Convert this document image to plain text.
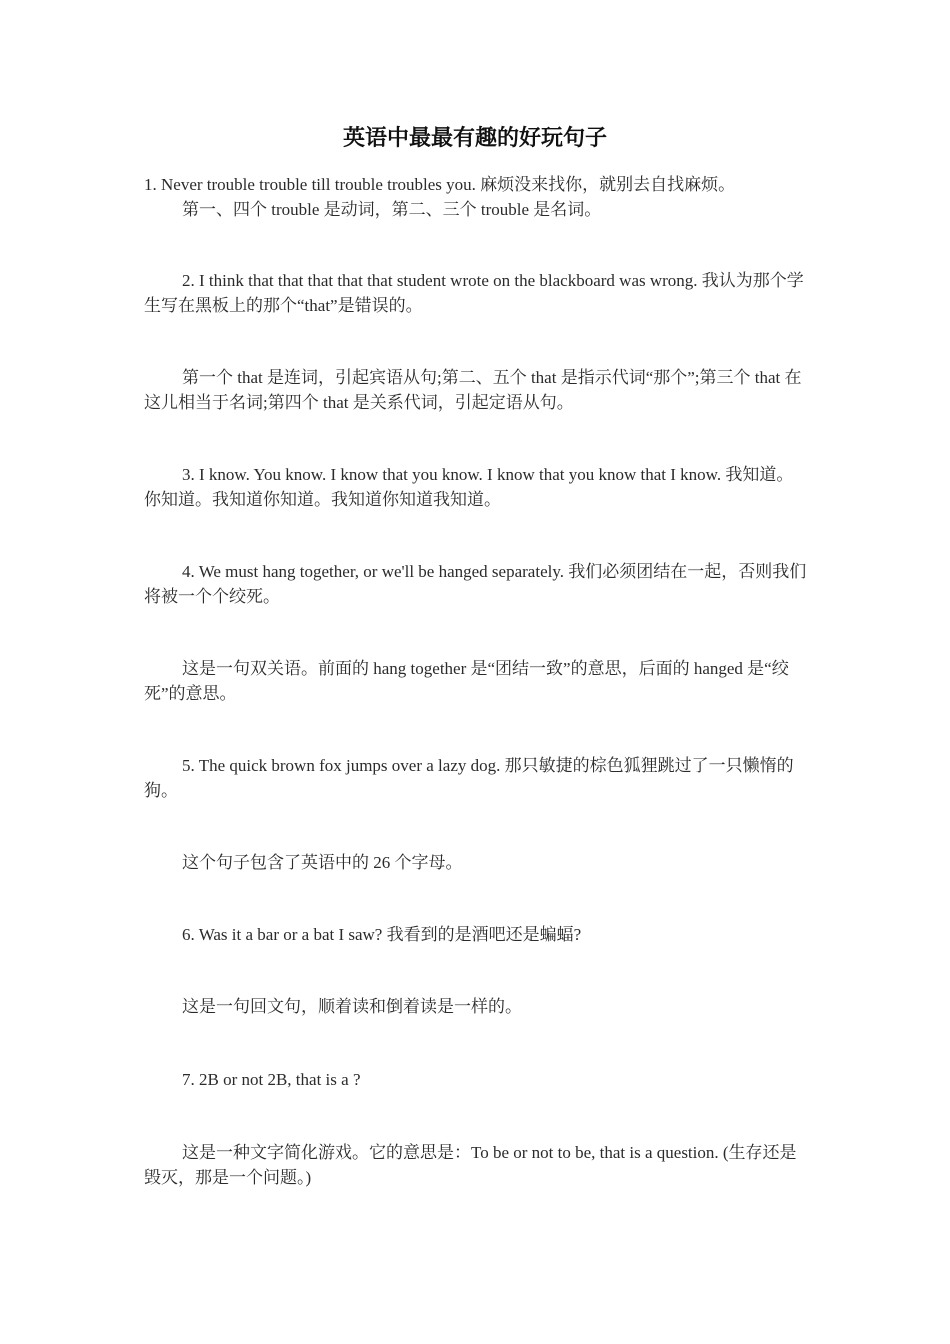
英语中最最有趣的好玩句子
1. Never trouble trouble till trouble troubles you. 麻烦没来找你，就别去自找麻烦。
第一、四个 trouble 是动词，第二、三个 trouble 是名词。

2. I think that that that that that student wrote on the blackboard was wrong. 我认为那个学生写在黑板上的那个“that”是错误的。

第一个 that 是连词，引起宾语从句;第二、五个 that 是指示代词“那个”;第三个 that 在这儿相当于名词;第四个 that 是关系代词，引起定语从句。

3. I know. You know. I know that you know. I know that you know that I know. 我知道。你知道。我知道你知道。我知道你知道我知道。

4. We must hang together, or we'll be hanged separately. 我们必须团结在一起，否则我们将被一个个绞死。

这是一句双关语。前面的 hang together 是“团结一致”的意思，后面的 hanged 是“绞死”的意思。

5. The quick brown fox jumps over a lazy dog. 那只敏捷的棕色狐狸跳过了一只懒惰的狗。

这个句子包含了英语中的 26 个字母。

6. Was it a bar or a bat I saw? 我看到的是酒吧还是蝙蝠?

这是一句回文句，顺着读和倒着读是一样的。

7. 2B or not 2B, that is a ?

这是一种文字简化游戏。它的意思是：To be or not to be, that is a question. (生存还是毁灭，那是一个问题。)
